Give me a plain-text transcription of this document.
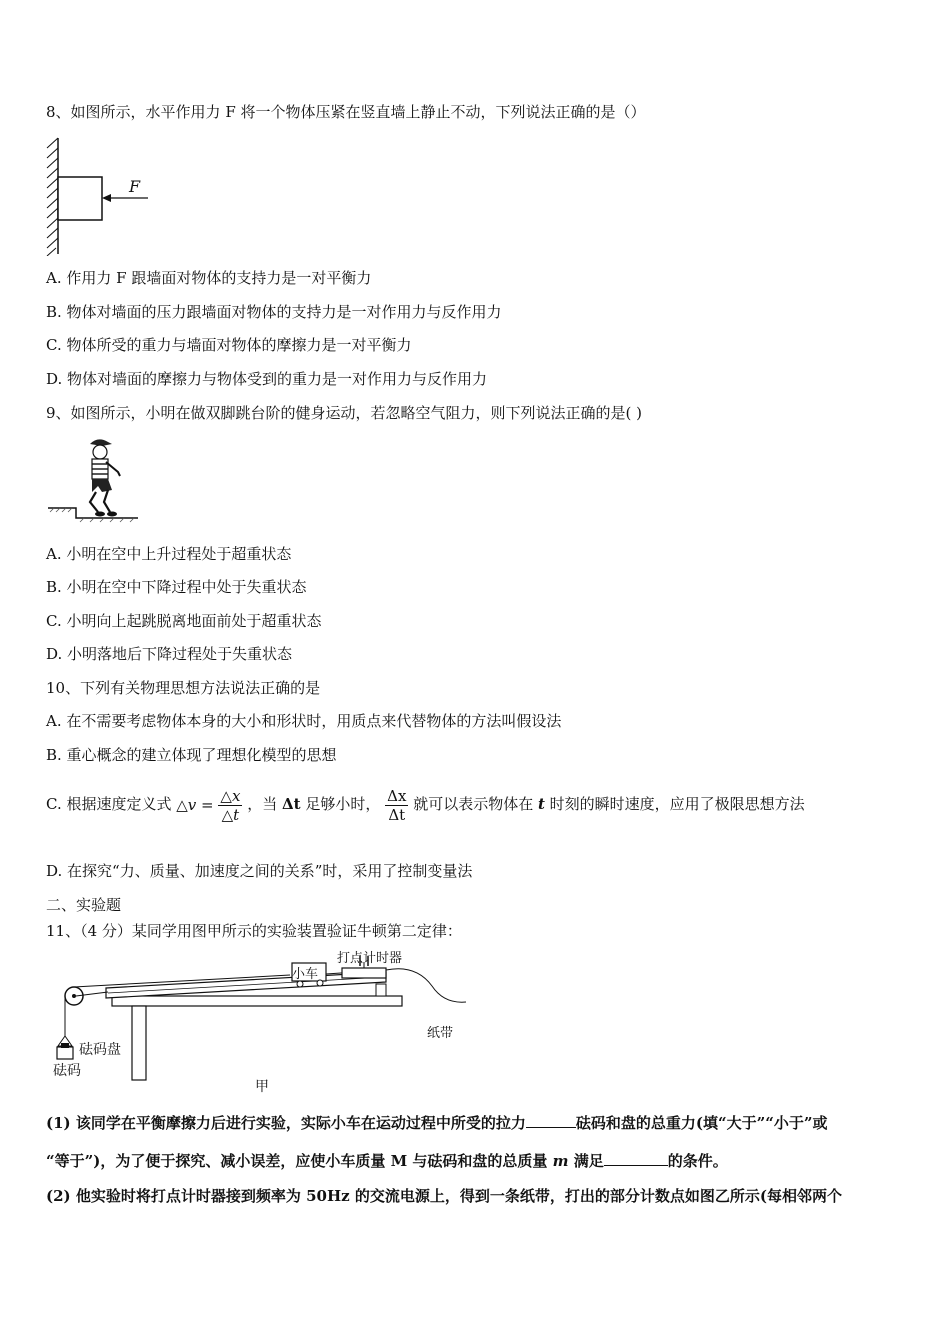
8、如图所示，水平作用力 F 将一个物体压紧在竖直墙上静止不动，下列说法正确的是（）
F
A. 作用力 F 跟墙面对物体的支持力是一对平衡力
B. 物体对墙面的压力跟墙面对物体的支持力是一对作用力与反作用力
C. 物体所受的重力与墙面对物体的摩擦力是一对平衡力
D. 物体对墙面的摩擦力与物体受到的重力是一对作用力与反作用力
9、如图所示，小明在做双脚跳台阶的健身运动，若忽略空气阻力，则下列说法正确的是( )
A. 小明在空中上升过程处于超重状态
B. 小明在空中下降过程中处于失重状态
C. 小明向上起跳脱离地面前处于超重状态
D. 小明落地后下降过程处于失重状态
10、下列有关物理思想方法说法正确的是
A. 在不需要考虑物体本身的大小和形状时，用质点来代替物体的方法叫假设法
B. 重心概念的建立体现了理想化模型的思想
C. 根据速度定义式 △v = $\frac{\triangle x}{\triangle t}$ ，当 Δt 足够小时， $\frac{\Delta x}{\Delta t}$ 就可以表示物体在 t 时刻的瞬时速度，应用了极限思想方法
D. 在探究“力、质量、加速度之间的关系”时，采用了控制变量法
二、实验题
11、（4 分）某同学用图甲所示的实验装置验证牛顿第二定律：
小车
打点计时器
纸带
砝码盘
砝码
甲
(1) 该同学在平衡摩擦力后进行实验，实际小车在运动过程中所受的拉力	砝码和盘的总重力(填“大于”“小于”或
“等于”)，为了便于探究、减小误差，应使小车质量 M 与砝码和盘的总质量 m 满足	的条件。
(2) 他实验时将打点计时器接到频率为 50Hz 的交流电源上，得到一条纸带，打出的部分计数点如图乙所示(每相邻两个
